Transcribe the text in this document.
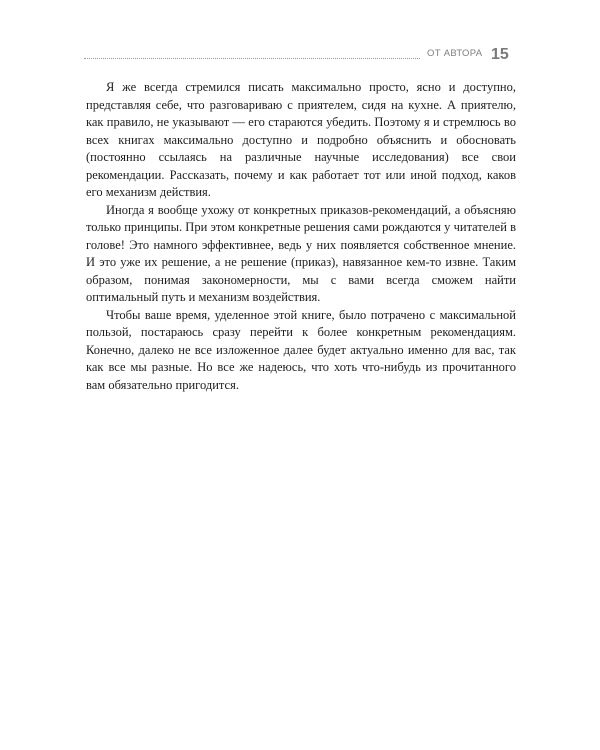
ОТ АВТОРА 15

Я же всегда стремился писать максимально просто, ясно и доступно, представляя себе, что разговариваю с приятелем, сидя на кухне. А приятелю, как правило, не указывают — его стараются убедить. Поэтому я и стремлюсь во всех книгах максимально доступно и подробно объяснить и обосновать (постоянно ссылаясь на различные научные исследования) все свои рекомендации. Рассказать, почему и как работает тот или иной подход, каков его механизм действия.

Иногда я вообще ухожу от конкретных приказов-рекомендаций, а объясняю только принципы. При этом конкретные решения сами рождаются у читателей в голове! Это намного эффективнее, ведь у них появляется собственное мнение. И это уже их решение, а не решение (приказ), навязанное кем-то извне. Таким образом, понимая закономерности, мы с вами всегда сможем найти оптимальный путь и механизм воздействия.

Чтобы ваше время, уделенное этой книге, было потрачено с максимальной пользой, постараюсь сразу перейти к более конкретным рекомендациям. Конечно, далеко не все изложенное далее будет актуально именно для вас, так как все мы разные. Но все же надеюсь, что хоть что-нибудь из прочитанного вам обязательно пригодится.
